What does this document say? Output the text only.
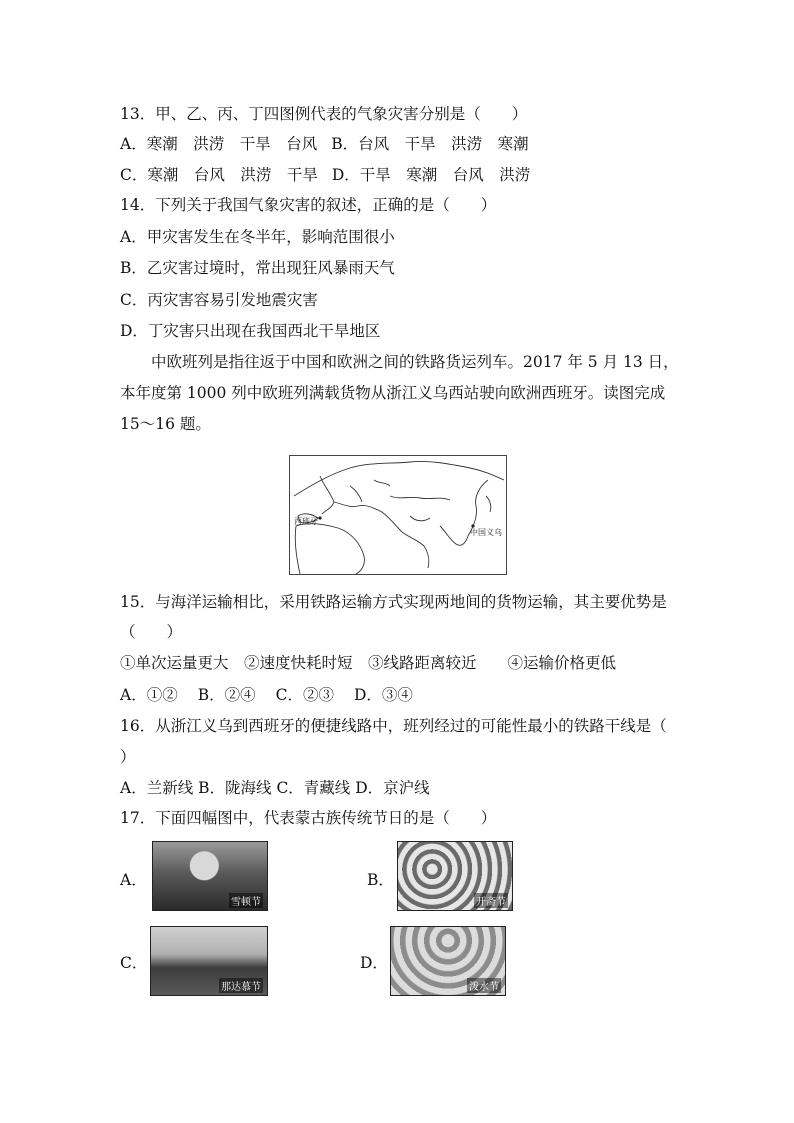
13．甲、乙、丙、丁四图例代表的气象灾害分别是（　　）
A．寒潮　洪涝　干旱　台风 B．台风　干旱　洪涝　寒潮
C．寒潮　台风　洪涝　干旱 D．干旱　寒潮　台风　洪涝
14．下列关于我国气象灾害的叙述，正确的是（　　）
A．甲灾害发生在冬半年，影响范围很小
B．乙灾害过境时，常出现狂风暴雨天气
C．丙灾害容易引发地震灾害
D．丁灾害只出现在我国西北干旱地区
　　中欧班列是指往返于中国和欧洲之间的铁路货运列车。2017 年 5 月 13 日，
本年度第 1000 列中欧班列满载货物从浙江义乌西站驶向欧洲西班牙。读图完成
15～16 题。
西班牙
中国义乌
15．与海洋运输相比，采用铁路运输方式实现两地间的货物运输，其主要优势是
（　　）
①单次运量更大　②速度快耗时短　③线路距离较近　　④运输价格更低
A．①② B．②④ C．②③ D．③④
16．从浙江义乌到西班牙的便捷线路中，班列经过的可能性最小的铁路干线是（
）
A．兰新线 B．陇海线 C．青藏线 D．京沪线
17．下面四幅图中，代表蒙古族传统节日的是（　　）
A．
雪顿节
B．
开斋节
C．
那达慕节
D．
泼水节
